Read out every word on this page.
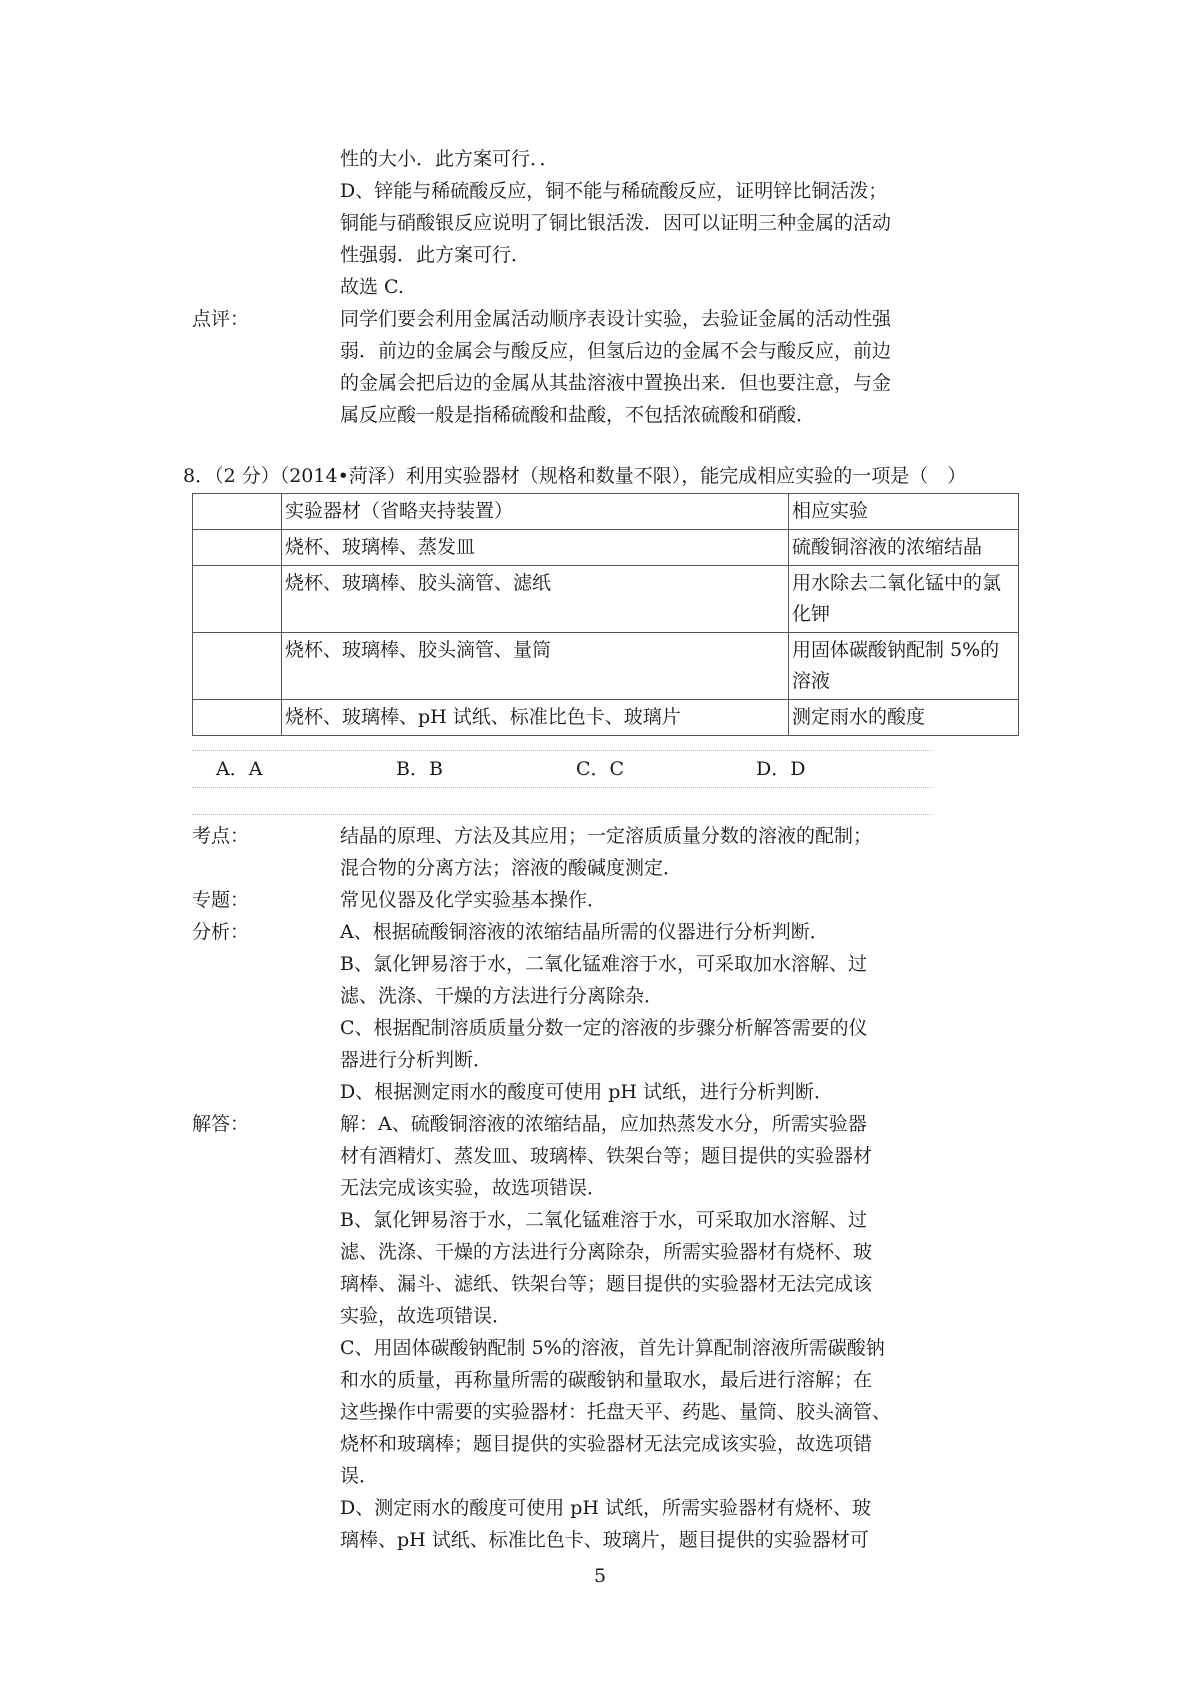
性的大小．此方案可行．．

D、锌能与稀硫酸反应，铜不能与稀硫酸反应，证明锌比铜活泼；

铜能与硝酸银反应说明了铜比银活泼．因可以证明三种金属的活动

性强弱．此方案可行．

故选 C.

点评：	同学们要会利用金属活动顺序表设计实验，去验证金属的活动性强

弱．前边的金属会与酸反应，但氢后边的金属不会与酸反应，前边

的金属会把后边的金属从其盐溶液中置换出来．但也要注意，与金

属反应酸一般是指稀硫酸和盐酸，不包括浓硫酸和硝酸．

8．（2 分）（2014•菏泽）利用实验器材（规格和数量不限），能完成相应实验的一项是（　）
	实验器材（省略夹持装置）	相应实验
	烧杯、玻璃棒、蒸发皿	硫酸铜溶液的浓缩结晶
	烧杯、玻璃棒、胶头滴管、滤纸	用水除去二氧化锰中的氯化钾
	烧杯、玻璃棒、胶头滴管、量筒	用固体碳酸钠配制 5%的溶液
	烧杯、玻璃棒、pH 试纸、标准比色卡、玻璃片	测定雨水的酸度
A．A	B．B	C．C	D．D
考点：	结晶的原理、方法及其应用；一定溶质质量分数的溶液的配制；

混合物的分离方法；溶液的酸碱度测定．

专题：	常见仪器及化学实验基本操作．

分析：	A、根据硫酸铜溶液的浓缩结晶所需的仪器进行分析判断．

B、氯化钾易溶于水，二氧化锰难溶于水，可采取加水溶解、过

滤、洗涤、干燥的方法进行分离除杂．

C、根据配制溶质质量分数一定的溶液的步骤分析解答需要的仪

器进行分析判断．

D、根据测定雨水的酸度可使用 pH 试纸，进行分析判断．

解答：	解：A、硫酸铜溶液的浓缩结晶，应加热蒸发水分，所需实验器

材有酒精灯、蒸发皿、玻璃棒、铁架台等；题目提供的实验器材

无法完成该实验，故选项错误．

B、氯化钾易溶于水，二氧化锰难溶于水，可采取加水溶解、过

滤、洗涤、干燥的方法进行分离除杂，所需实验器材有烧杯、玻

璃棒、漏斗、滤纸、铁架台等；题目提供的实验器材无法完成该

实验，故选项错误．

C、用固体碳酸钠配制 5%的溶液，首先计算配制溶液所需碳酸钠

和水的质量，再称量所需的碳酸钠和量取水，最后进行溶解；在

这些操作中需要的实验器材：托盘天平、药匙、量筒、胶头滴管、

烧杯和玻璃棒；题目提供的实验器材无法完成该实验，故选项错

误．

D、测定雨水的酸度可使用 pH 试纸，所需实验器材有烧杯、玻

璃棒、pH 试纸、标准比色卡、玻璃片，题目提供的实验器材可

5
